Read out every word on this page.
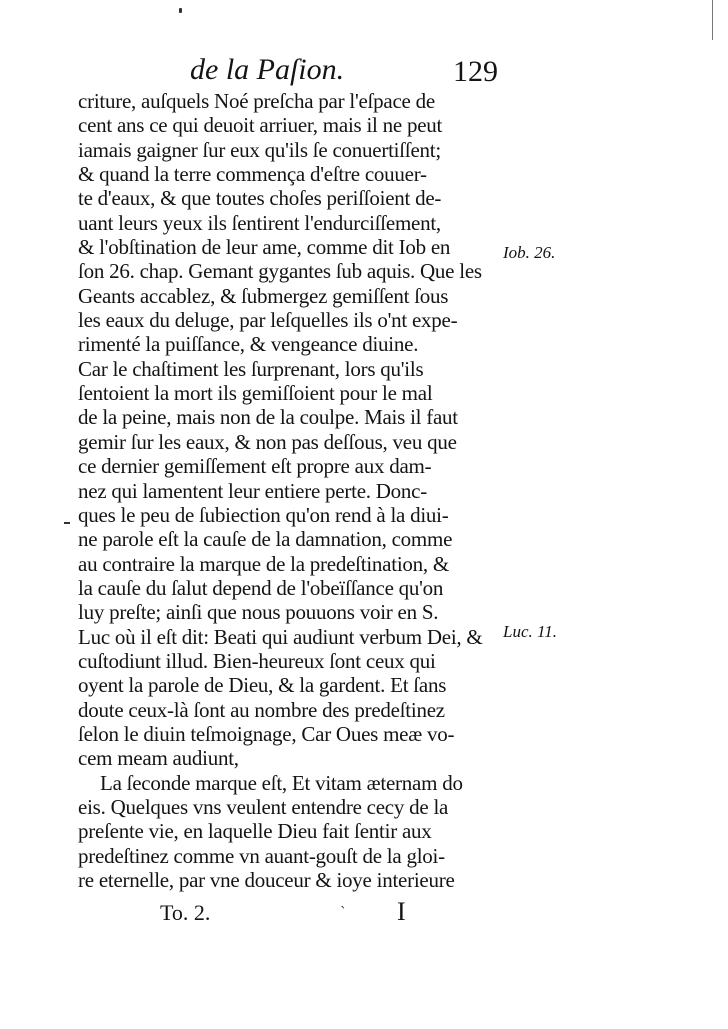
de la Paſion.	129
criture, auſquels Noé preſcha par l'eſpace de
cent ans ce qui deuoit arriuer, mais il ne peut
iamais gaigner ſur eux qu'ils ſe conuertiſſent;
& quand la terre commença d'eſtre couuer-
te d'eaux, & que toutes choſes periſſoient de-
uant leurs yeux ils ſentirent l'endurciſſement,
& l'obſtination de leur ame, comme dit Iob en
ſon 26. chap. Gemant gygantes ſub aquis. Que les
Geants accablez, & ſubmergez gemiſſent ſous
les eaux du deluge, par leſquelles ils o'nt expe-
rimenté la puiſſance, & vengeance diuine.
Car le chaſtiment les ſurprenant, lors qu'ils
ſentoient la mort ils gemiſſoient pour le mal
de la peine, mais non de la coulpe. Mais il faut
gemir ſur les eaux, & non pas deſſous, veu que
ce dernier gemiſſement eſt propre aux dam-
nez qui lamentent leur entiere perte. Donc-
ques le peu de ſubiection qu'on rend à la diui-
ne parole eſt la cauſe de la damnation, comme
au contraire la marque de la predeſtination, &
la cauſe du ſalut depend de l'obeïſſance qu'on
luy preſte; ainſi que nous pouuons voir en S.
Luc où il eſt dit: Beati qui audiunt verbum Dei, &
cuſtodiunt illud. Bien-heureux ſont ceux qui
oyent la parole de Dieu, & la gardent. Et ſans
doute ceux-là ſont au nombre des predeſtinez
ſelon le diuin teſmoignage, Car Oues meæ vo-
cem meam audiunt,
La ſeconde marque eſt, Et vitam æternam do
eis. Quelques vns veulent entendre cecy de la
preſente vie, en laquelle Dieu fait ſentir aux
predeſtinez comme vn auant-gouſt de la gloi-
re eternelle, par vne douceur & ioye interieure
Iob. 26.
Luc. 11.
To. 2.	ˋ I
